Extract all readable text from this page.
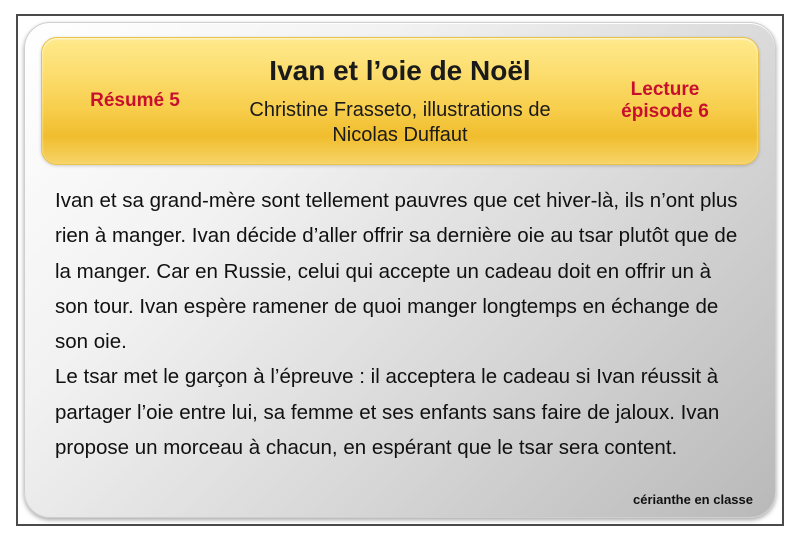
Résumé 5
Ivan et l’oie de Noël
Christine Frasseto, illustrations de Nicolas Duffaut
Lecture
épisode 6

Ivan et sa grand-mère sont tellement pauvres que cet hiver-là, ils n’ont plus rien à manger. Ivan décide d’aller offrir sa dernière oie au tsar plutôt que de la manger. Car en Russie, celui qui accepte un cadeau doit en offrir un à son tour. Ivan espère ramener de quoi manger longtemps en échange de son oie.

Le tsar met le garçon à l’épreuve : il acceptera le cadeau si Ivan réussit à partager l’oie entre lui, sa femme et ses enfants sans faire de jaloux. Ivan propose un morceau à chacun, en espérant que le tsar sera content.

cérianthe en classe
